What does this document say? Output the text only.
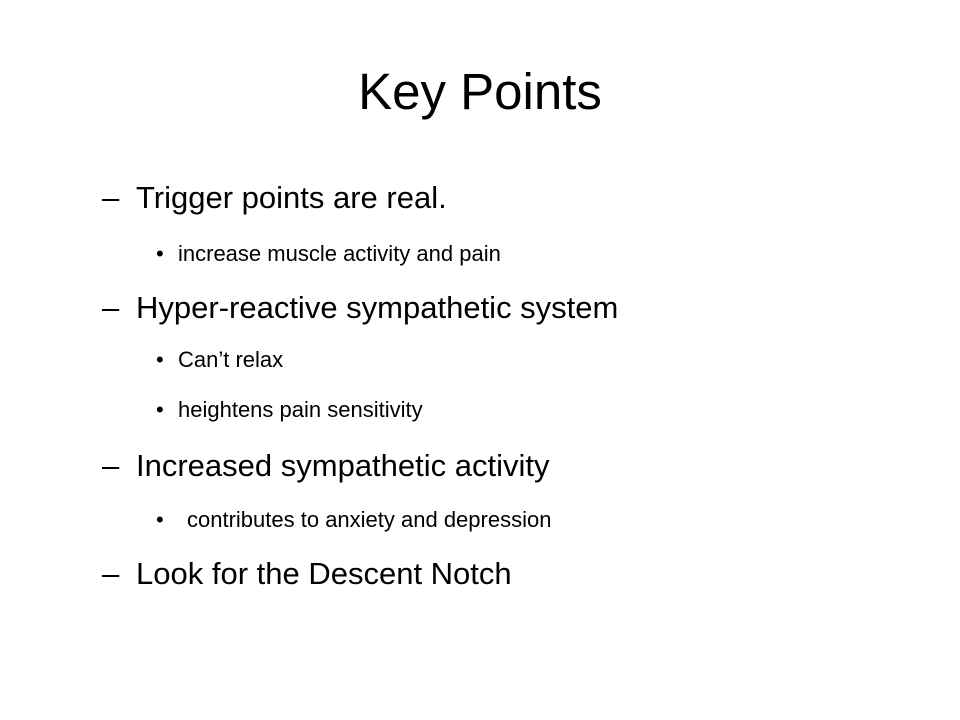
Key Points
– Trigger points are real.
• increase muscle activity and pain
– Hyper-reactive sympathetic system
• Can’t relax
• heightens pain sensitivity
– Increased sympathetic activity
• contributes to anxiety and depression
– Look for the Descent Notch
